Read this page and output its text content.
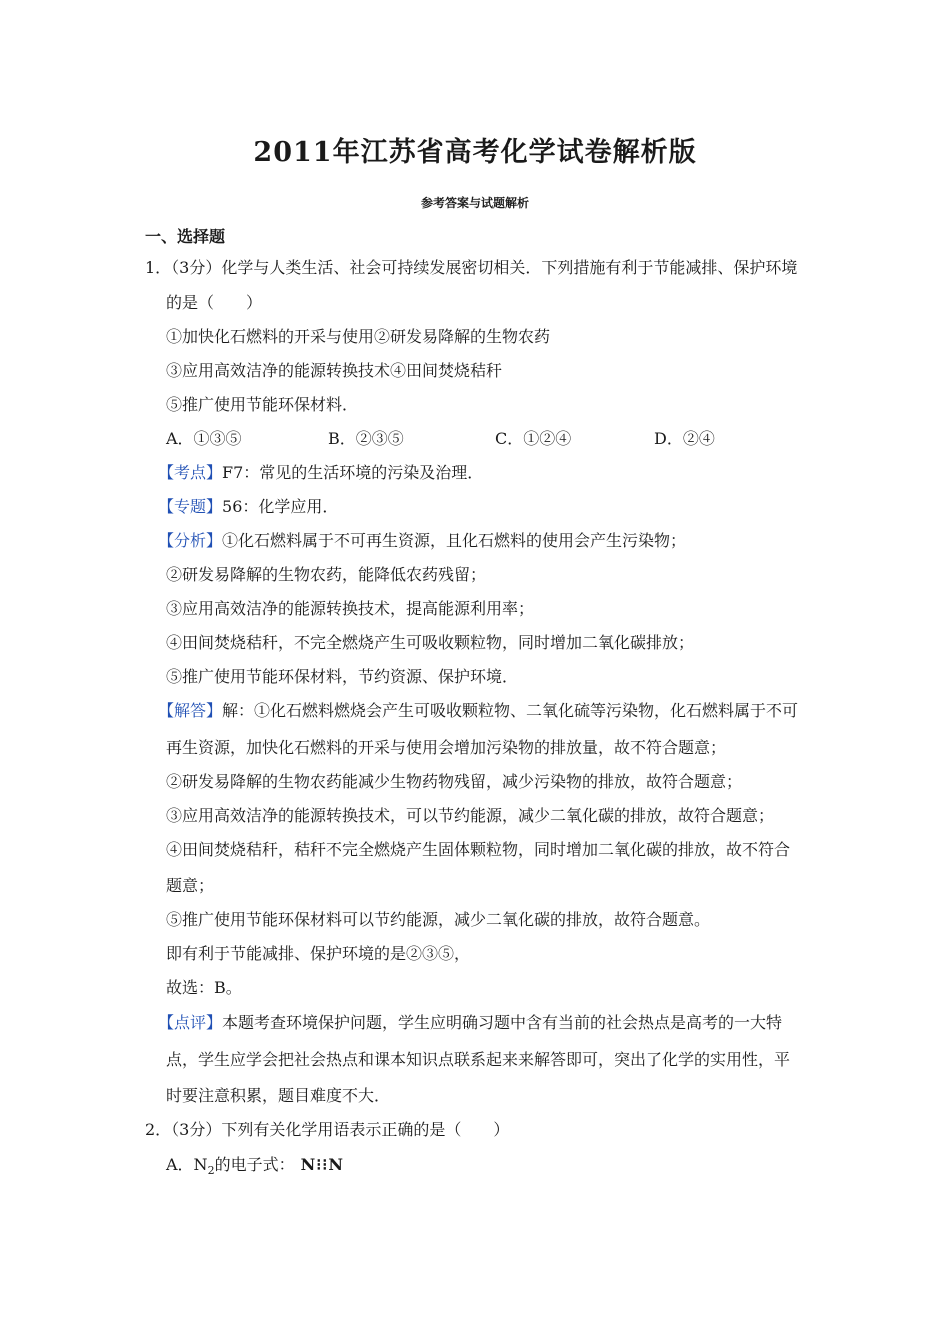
2011年江苏省高考化学试卷解析版
参考答案与试题解析
一、选择题
1．（3分）化学与人类生活、社会可持续发展密切相关．下列措施有利于节能减排、保护环境
的是（　　）
①加快化石燃料的开采与使用②研发易降解的生物农药
③应用高效洁净的能源转换技术④田间焚烧秸秆
⑤推广使用节能环保材料．
A．①③⑤	B．②③⑤	C．①②④	D．②④
【考点】F7：常见的生活环境的污染及治理．
【专题】56：化学应用．
【分析】①化石燃料属于不可再生资源，且化石燃料的使用会产生污染物；
②研发易降解的生物农药，能降低农药残留；
③应用高效洁净的能源转换技术，提高能源利用率；
④田间焚烧秸秆，不完全燃烧产生可吸收颗粒物，同时增加二氧化碳排放；
⑤推广使用节能环保材料，节约资源、保护环境．
【解答】解：①化石燃料燃烧会产生可吸收颗粒物、二氧化硫等污染物，化石燃料属于不可
再生资源，加快化石燃料的开采与使用会增加污染物的排放量，故不符合题意；
②研发易降解的生物农药能减少生物药物残留，减少污染物的排放，故符合题意；
③应用高效洁净的能源转换技术，可以节约能源，减少二氧化碳的排放，故符合题意；
④田间焚烧秸秆，秸秆不完全燃烧产生固体颗粒物，同时增加二氧化碳的排放，故不符合
题意；
⑤推广使用节能环保材料可以节约能源，减少二氧化碳的排放，故符合题意。
即有利于节能减排、保护环境的是②③⑤，
故选：B。
【点评】本题考查环境保护问题，学生应明确习题中含有当前的社会热点是高考的一大特
点，学生应学会把社会热点和课本知识点联系起来来解答即可，突出了化学的实用性，平
时要注意积累，题目难度不大．
2．（3分）下列有关化学用语表示正确的是（　　）
A．$N_2$的电子式： N⁝⁝N
